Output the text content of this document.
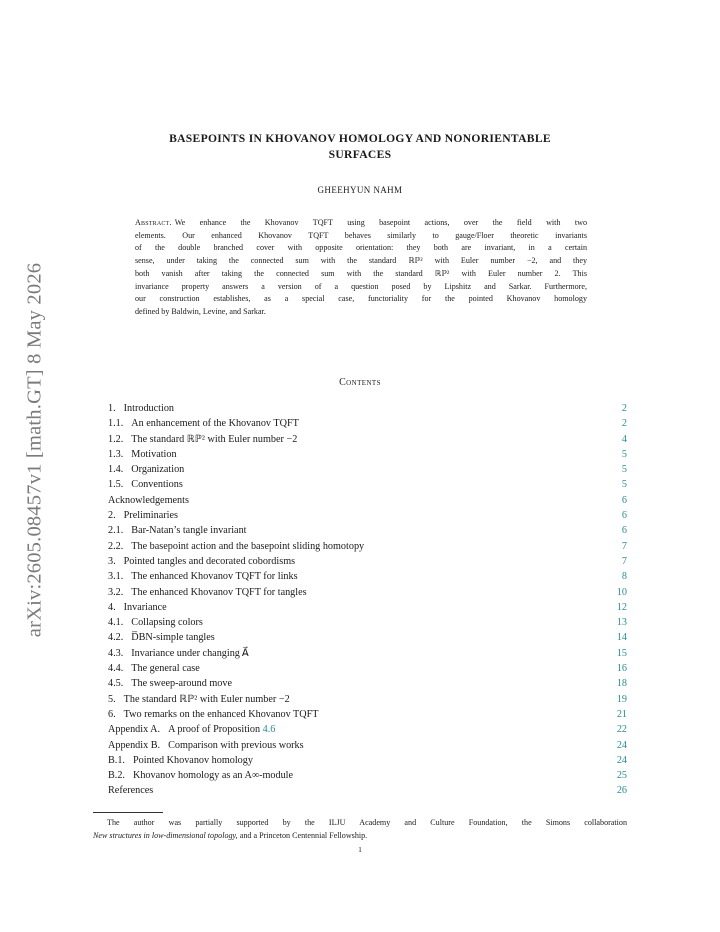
arXiv:2605.08457v1 [math.GT] 8 May 2026
BASEPOINTS IN KHOVANOV HOMOLOGY AND NONORIENTABLE
SURFACES
GHEEHYUN NAHM
Abstract. We enhance the Khovanov TQFT using basepoint actions, over the field with two
elements. Our enhanced Khovanov TQFT behaves similarly to gauge/Floer theoretic invariants
of the double branched cover with opposite orientation: they both are invariant, in a certain
sense, under taking the connected sum with the standard ℝℙ² with Euler number −2, and they
both vanish after taking the connected sum with the standard ℝℙ² with Euler number 2. This
invariance property answers a version of a question posed by Lipshitz and Sarkar. Furthermore,
our construction establishes, as a special case, functoriality for the pointed Khovanov homology
defined by Baldwin, Levine, and Sarkar.
Contents
1. Introduction	2
1.1. An enhancement of the Khovanov TQFT	2
1.2. The standard ℝℙ² with Euler number −2	4
1.3. Motivation	5
1.4. Organization	5
1.5. Conventions	5
Acknowledgements	6
2. Preliminaries	6
2.1. Bar-Natan’s tangle invariant	6
2.2. The basepoint action and the basepoint sliding homotopy	7
3. Pointed tangles and decorated cobordisms	7
3.1. The enhanced Khovanov TQFT for links	8
3.2. The enhanced Khovanov TQFT for tangles	10
4. Invariance	12
4.1. Collapsing colors	13
4.2. D̅BN-simple tangles	14
4.3. Invariance under changing A⃗	15
4.4. The general case	16
4.5. The sweep-around move	18
5. The standard ℝℙ² with Euler number −2	19
6. Two remarks on the enhanced Khovanov TQFT	21
Appendix A. A proof of Proposition 4.6	22
Appendix B. Comparison with previous works	24
B.1. Pointed Khovanov homology	24
B.2. Khovanov homology as an A∞-module	25
References	26
The author was partially supported by the ILJU Academy and Culture Foundation, the Simons collaboration
New structures in low-dimensional topology, and a Princeton Centennial Fellowship.
1
